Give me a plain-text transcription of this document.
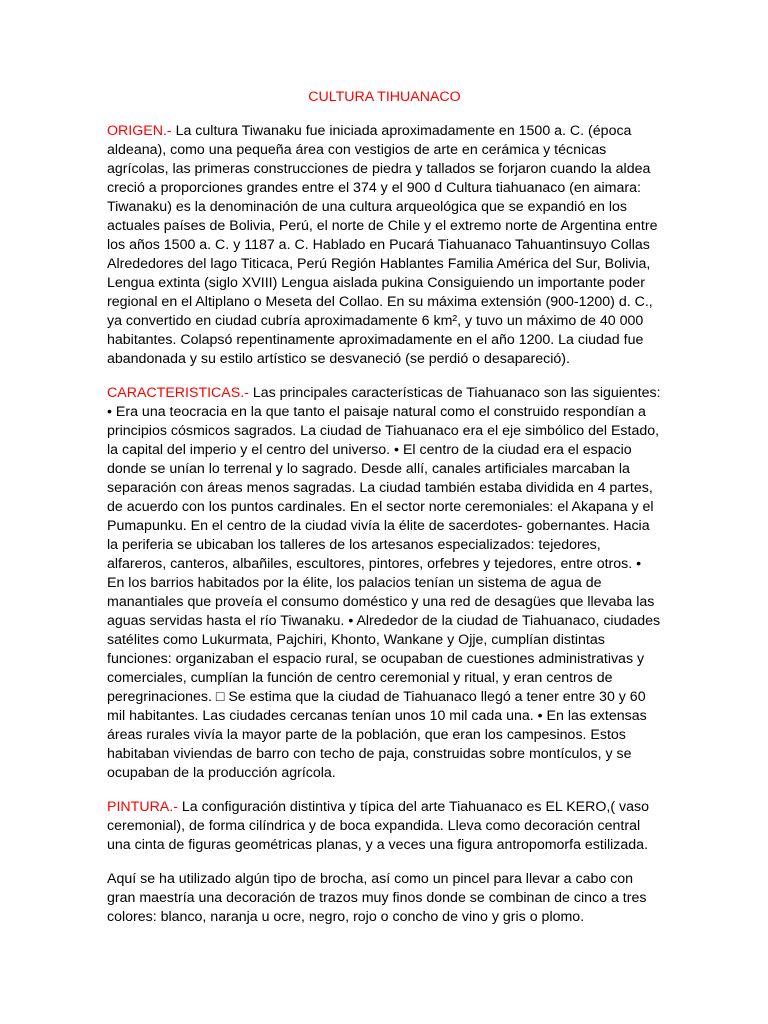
CULTURA TIHUANACO

ORIGEN.- La cultura Tiwanaku fue iniciada aproximadamente en 1500 a. C. (época aldeana), como una pequeña área con vestigios de arte en cerámica y técnicas agrícolas, las primeras construcciones de piedra y tallados se forjaron cuando la aldea creció a proporciones grandes entre el 374 y el 900 d Cultura tiahuanaco (en aimara: Tiwanaku) es la denominación de una cultura arqueológica que se expandió en los actuales países de Bolivia, Perú, el norte de Chile y el extremo norte de Argentina entre los años 1500 a. C. y 1187 a. C. Hablado en Pucará Tiahuanaco Tahuantinsuyo Collas Alrededores del lago Titicaca, Perú Región Hablantes Familia América del Sur, Bolivia, Lengua extinta (siglo XVIII) Lengua aislada pukina Consiguiendo un importante poder regional en el Altiplano o Meseta del Collao. En su máxima extensión (900-1200) d. C., ya convertido en ciudad cubría aproximadamente 6 km², y tuvo un máximo de 40 000 habitantes. Colapsó repentinamente aproximadamente en el año 1200. La ciudad fue abandonada y su estilo artístico se desvaneció (se perdió o desapareció).

CARACTERISTICAS.- Las principales características de Tiahuanaco son las siguientes: • Era una teocracia en la que tanto el paisaje natural como el construido respondían a principios cósmicos sagrados. La ciudad de Tiahuanaco era el eje simbólico del Estado, la capital del imperio y el centro del universo. • El centro de la ciudad era el espacio donde se unían lo terrenal y lo sagrado. Desde allí, canales artificiales marcaban la separación con áreas menos sagradas. La ciudad también estaba dividida en 4 partes, de acuerdo con los puntos cardinales. En el sector norte ceremoniales: el Akapana y el Pumapunku. En el centro de la ciudad vivía la élite de sacerdotes- gobernantes. Hacia la periferia se ubicaban los talleres de los artesanos especializados: tejedores, alfareros, canteros, albañiles, escultores, pintores, orfebres y tejedores, entre otros. • En los barrios habitados por la élite, los palacios tenían un sistema de agua de manantiales que proveía el consumo doméstico y una red de desagües que llevaba las aguas servidas hasta el río Tiwanaku. • Alrededor de la ciudad de Tiahuanaco, ciudades satélites como Lukurmata, Pajchiri, Khonto, Wankane y Ojje, cumplían distintas funciones: organizaban el espacio rural, se ocupaban de cuestiones administrativas y comerciales, cumplían la función de centro ceremonial y ritual, y eran centros de peregrinaciones. □ Se estima que la ciudad de Tiahuanaco llegó a tener entre 30 y 60 mil habitantes. Las ciudades cercanas tenían unos 10 mil cada una. • En las extensas áreas rurales vivía la mayor parte de la población, que eran los campesinos. Estos habitaban viviendas de barro con techo de paja, construidas sobre montículos, y se ocupaban de la producción agrícola.

PINTURA.- La configuración distintiva y típica del arte Tiahuanaco es EL KERO,( vaso ceremonial), de forma cilíndrica y de boca expandida. Lleva como decoración central una cinta de figuras geométricas planas, y a veces una figura antropomorfa estilizada.

Aquí se ha utilizado algún tipo de brocha, así como un pincel para llevar a cabo con gran maestría una decoración de trazos muy finos donde se combinan de cinco a tres colores: blanco, naranja u ocre, negro, rojo o concho de vino y gris o plomo.
